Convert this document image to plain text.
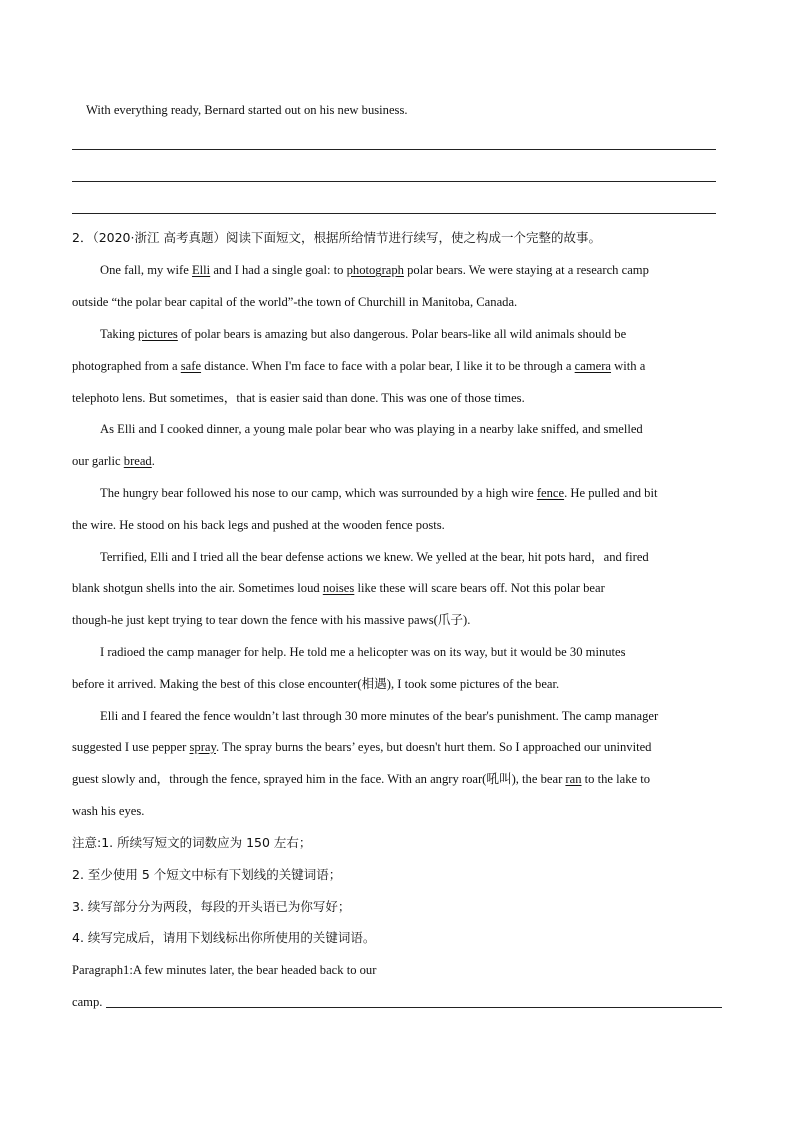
With everything ready, Bernard started out on his new business.
2．（2020·浙江 高考真题）阅读下面短文，根据所给情节进行续写，使之构成一个完整的故事。
One fall, my wife Elli and I had a single goal: to photograph polar bears. We were staying at a research camp
outside “the polar bear capital of the world”-the town of Churchill in Manitoba, Canada.
Taking pictures of polar bears is amazing but also dangerous. Polar bears-like all wild animals should be
photographed from a safe distance. When I'm face to face with a polar bear, I like it to be through a camera with a
telephoto lens. But sometimes，that is easier said than done. This was one of those times.
As Elli and I cooked dinner, a young male polar bear who was playing in a nearby lake sniffed, and smelled
our garlic bread.
The hungry bear followed his nose to our camp, which was surrounded by a high wire fence. He pulled and bit
the wire. He stood on his back legs and pushed at the wooden fence posts.
Terrified, Elli and I tried all the bear defense actions we knew. We yelled at the bear, hit pots hard，and fired
blank shotgun shells into the air. Sometimes loud noises like these will scare bears off. Not this polar bear
though-he just kept trying to tear down the fence with his massive paws(爪子).
I radioed the camp manager for help. He told me a helicopter was on its way, but it would be 30 minutes
before it arrived. Making the best of this close encounter(相遇), I took some pictures of the bear.
Elli and I feared the fence wouldn’t last through 30 more minutes of the bear's punishment. The camp manager
suggested I use pepper spray. The spray burns the bears’ eyes, but doesn't hurt them. So I approached our uninvited
guest slowly and，through the fence, sprayed him in the face. With an angry roar(吼叫), the bear ran to the lake to
wash his eyes.
注意:1. 所续写短文的词数应为 150 左右；
2. 至少使用 5 个短文中标有下划线的关键词语；
3. 续写部分分为两段，每段的开头语已为你写好；
4. 续写完成后，请用下划线标出你所使用的关键词语。
Paragraph1:A few minutes later, the bear headed back to our
camp.
